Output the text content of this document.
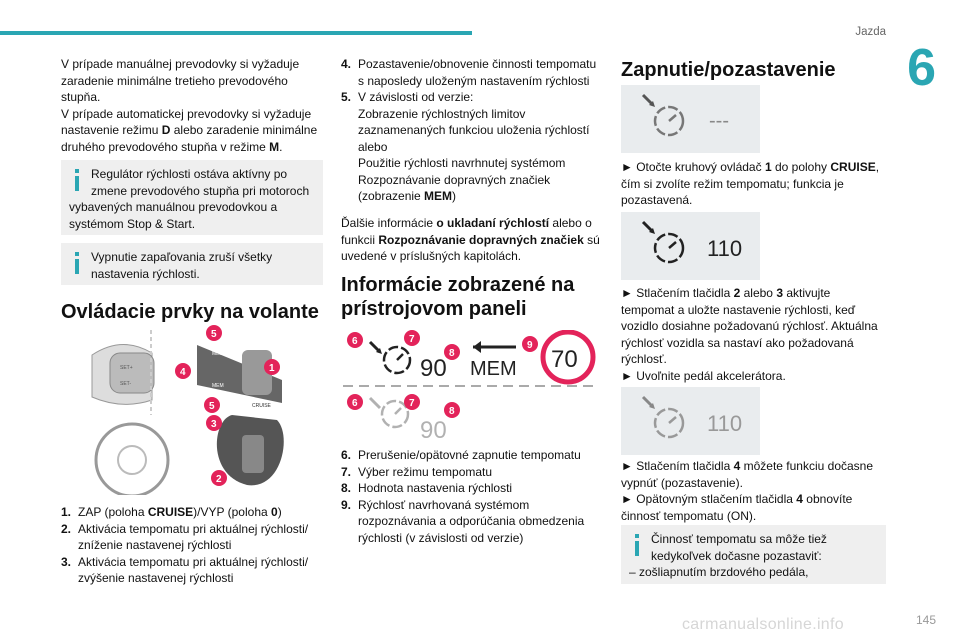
Jazda
6

V prípade manuálnej prevodovky si vyžaduje

zaradenie minimálne tretieho prevodového

stupňa.

V prípade automatickej prevodovky si vyžaduje

nastavenie režimu D alebo zaradenie minimálne

druhého prevodového stupňa v režime M.

Regulátor rýchlosti ostáva aktívny po

zmene prevodového stupňa pri motoroch

vybavených manuálnou prevodovkou a

systémom Stop & Start.

Vypnutie zapaľovania zruší všetky

nastavenia rýchlosti.

Ovládacie prvky na volante
SET+
SET-
MEM
MEM
CRUISE
5
4	1
5
3
2
1. ZAP (poloha CRUISE)/VYP (poloha 0)
2. Aktivácia tempomatu pri aktuálnej rýchlosti/
zníženie nastavenej rýchlosti
3. Aktivácia tempomatu pri aktuálnej rýchlosti/
zvýšenie nastavenej rýchlosti
4. Pozastavenie/obnovenie činnosti tempomatu
s naposledy uloženým nastavením rýchlosti
5. V závislosti od verzie:
Zobrazenie rýchlostných limitov
zaznamenaných funkciou uloženia rýchlostí
alebo
Použitie rýchlosti navrhnutej systémom
Rozpoznávanie dopravných značiek
(zobrazenie MEM)

Ďalšie informácie o ukladaní rýchlostí alebo o

funkcii Rozpoznávanie dopravných značiek sú

uvedené v príslušných kapitolách.

Informácie zobrazené na
prístrojovom paneli
90 MEM 70
90
6	7
8
9
6	7
8
6. Prerušenie/opätovné zapnutie tempomatu
7. Výber režimu tempomatu
8. Hodnota nastavenia rýchlosti
9. Rýchlosť navrhovaná systémom
rozpoznávania a odporúčania obmedzenia
rýchlosti (v závislosti od verzie)
Zapnutie/pozastavenie
---

► Otočte kruhový ovládač 1 do polohy CRUISE,

čím si zvolíte režim tempomatu; funkcia je

pozastavená.

110

► Stlačením tlačidla 2 alebo 3 aktivujte

tempomat a uložte nastavenie rýchlosti, keď

vozidlo dosiahne požadovanú rýchlosť. Aktuálna

rýchlosť vozidla sa nastaví ako požadovaná

rýchlosť.

► Uvoľnite pedál akcelerátora.

110

► Stlačením tlačidla 4 môžete funkciu dočasne

vypnúť (pozastavenie).

► Opätovným stlačením tlačidla 4 obnovíte

činnosť tempomatu (ON).

Činnosť tempomatu sa môže tiež

kedykoľvek dočasne pozastaviť:

– zošliapnutím brzdového pedála,

carmanualsonline.info	145
